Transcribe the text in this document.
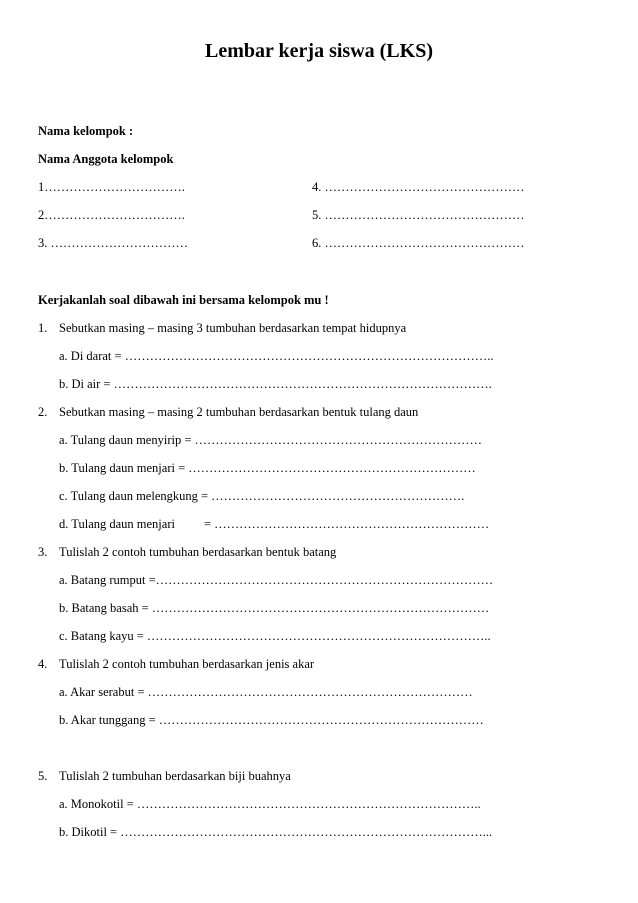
Lembar kerja siswa (LKS)
Nama kelompok :
Nama Anggota kelompok
1…………………………….
2…………………………….
3. ……………………………
4. …………………………………………
5. …………………………………………
6. …………………………………………
Kerjakanlah soal dibawah ini bersama kelompok mu !
1. Sebutkan masing – masing 3 tumbuhan berdasarkan tempat hidupnya
a. Di darat = ……………………………………………………………………………..
b. Di air = ……………………………………………………………………………….
2. Sebutkan masing – masing 2 tumbuhan berdasarkan bentuk tulang daun
a. Tulang daun menyirip = ……………………………………………………………
b. Tulang daun menjari = ……………………………………………………………
c. Tulang daun melengkung = …………………………………………………….
d. Tulang daun menjari = …………………………………………………………
3. Tulislah 2 contoh tumbuhan berdasarkan bentuk batang
a. Batang rumput =………………………………………………………………………
b. Batang basah = ………………………………………………………………………
c. Batang kayu = ………………………………………………………………………..
4. Tulislah 2 contoh tumbuhan berdasarkan jenis akar
a. Akar serabut = ……………………………………………………………………
b. Akar tunggang = ……………………………………………………………………
5. Tulislah 2 tumbuhan berdasarkan biji buahnya
a. Monokotil = ………………………………………………………………………..
b. Dikotil = ……………………………………………………………………………...
